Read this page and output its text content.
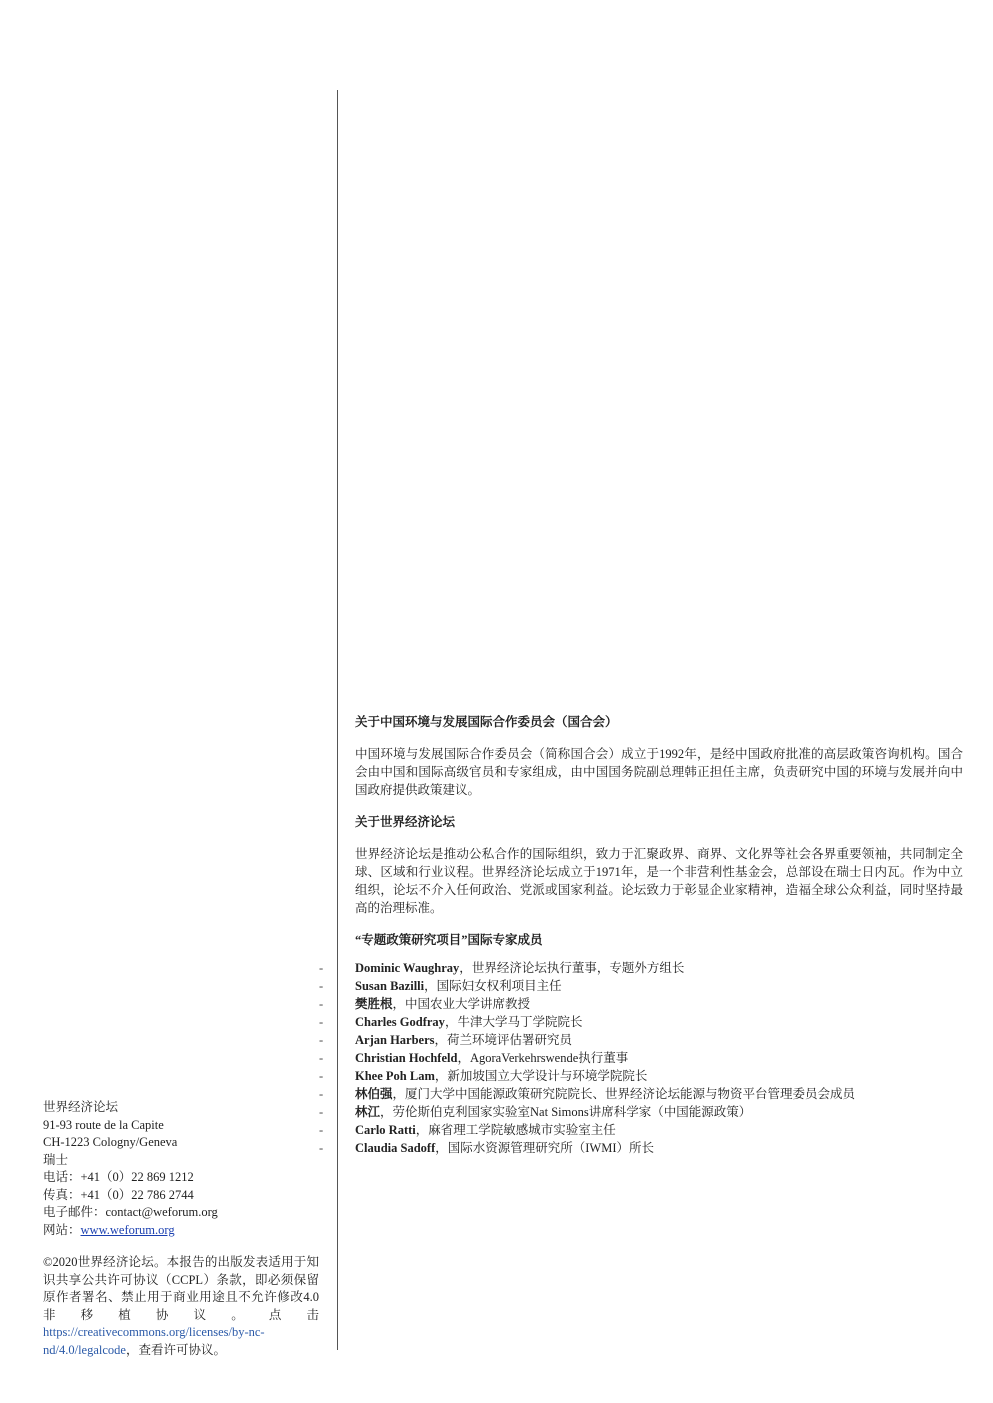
关于中国环境与发展国际合作委员会（国合会）

中国环境与发展国际合作委员会（简称国合会）成立于1992年，是经中国政府批准的高层政策咨询机构。国合会由中国和国际高级官员和专家组成，由中国国务院副总理韩正担任主席，负责研究中国的环境与发展并向中国政府提供政策建议。

关于世界经济论坛

世界经济论坛是推动公私合作的国际组织，致力于汇聚政界、商界、文化界等社会各界重要领袖，共同制定全球、区域和行业议程。世界经济论坛成立于1971年，是一个非营利性基金会，总部设在瑞士日内瓦。作为中立组织，论坛不介入任何政治、党派或国家利益。论坛致力于彰显企业家精神，造福全球公众利益，同时坚持最高的治理标准。

“专题政策研究项目”国际专家成员
-	Dominic Waughray，世界经济论坛执行董事，专题外方组长
-	Susan Bazilli，国际妇女权利项目主任
-	樊胜根，中国农业大学讲席教授
-	Charles Godfray，牛津大学马丁学院院长
-	Arjan Harbers，荷兰环境评估署研究员
-	Christian Hochfeld，AgoraVerkehrswende执行董事
-	Khee Poh Lam，新加坡国立大学设计与环境学院院长
-	林伯强，厦门大学中国能源政策研究院院长、世界经济论坛能源与物资平台管理委员会成员
-	林江，劳伦斯伯克利国家实验室Nat Simons讲席科学家（中国能源政策）
-	Carlo Ratti，麻省理工学院敏感城市实验室主任
-	Claudia Sadoff，国际水资源管理研究所（IWMI）所长
世界经济论坛
91-93 route de la Capite
CH-1223 Cologny/Geneva
瑞士
电话：+41（0）22 869 1212
传真：+41（0）22 786 2744
电子邮件：contact@weforum.org
网站：www.weforum.org
©2020世界经济论坛。本报告的出版发表适用于知识共享公共许可协议（CCPL）条款，即必须保留原作者署名、禁止用于商业用途且不允许修改4.0非移植协议。点击https://creativecommons.org/licenses/by-nc-nd/4.0/legalcode，查看许可协议。
